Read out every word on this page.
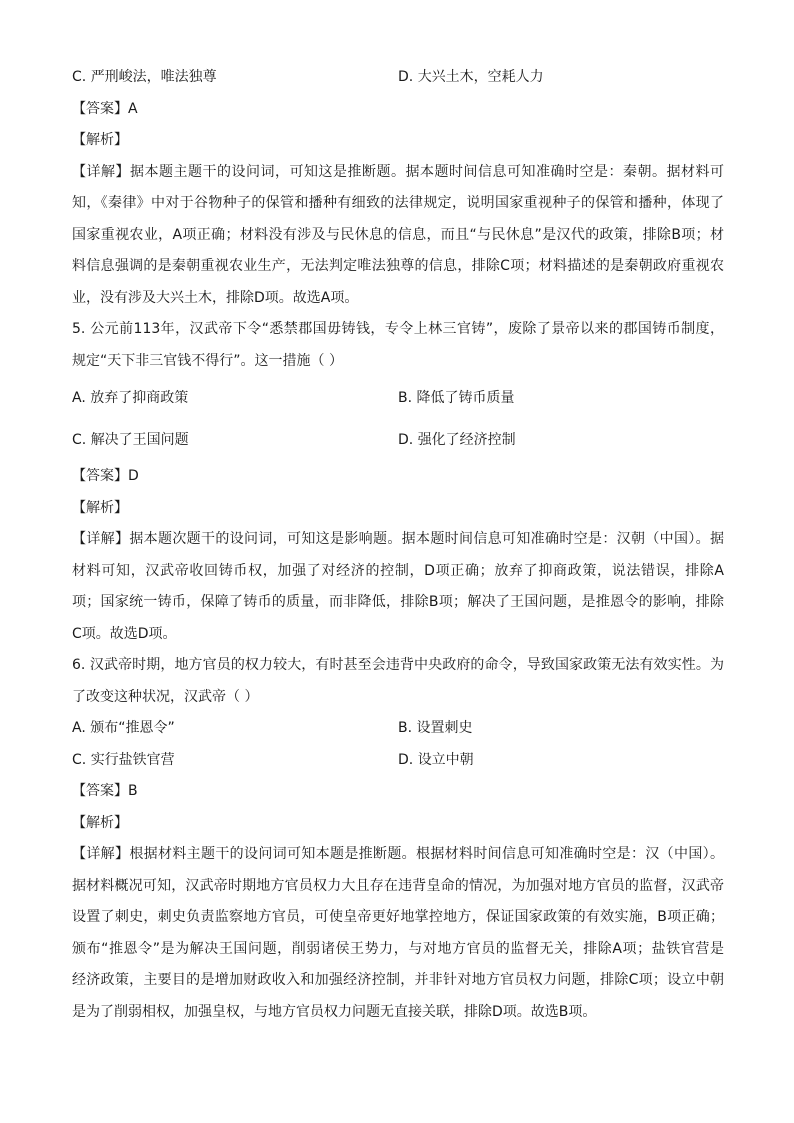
C. 严刑峻法，唯法独尊	D. 大兴土木，空耗人力
【答案】A
【解析】
【详解】据本题主题干的设问词，可知这是推断题。据本题时间信息可知准确时空是：秦朝。据材料可
知，《秦律》中对于谷物种子的保管和播种有细致的法律规定，说明国家重视种子的保管和播种，体现了
国家重视农业，A项正确；材料没有涉及与民休息的信息，而且“与民休息”是汉代的政策，排除B项；材
料信息强调的是秦朝重视农业生产，无法判定唯法独尊的信息，排除C项；材料描述的是秦朝政府重视农
业，没有涉及大兴土木，排除D项。故选A项。
5. 公元前113年，汉武帝下令“悉禁郡国毋铸钱，专令上林三官铸”，废除了景帝以来的郡国铸币制度，
规定“天下非三官钱不得行”。这一措施（ ）
A. 放弃了抑商政策	B. 降低了铸币质量
C. 解决了王国问题	D. 强化了经济控制
【答案】D
【解析】
【详解】据本题次题干的设问词，可知这是影响题。据本题时间信息可知准确时空是：汉朝（中国）。据
材料可知，汉武帝收回铸币权，加强了对经济的控制，D项正确；放弃了抑商政策，说法错误，排除A
项；国家统一铸币，保障了铸币的质量，而非降低，排除B项；解决了王国问题，是推恩令的影响，排除
C项。故选D项。
6. 汉武帝时期，地方官员的权力较大，有时甚至会违背中央政府的命令，导致国家政策无法有效实性。为
了改变这种状况，汉武帝（ ）
A. 颁布“推恩令”	B. 设置刺史
C. 实行盐铁官营	D. 设立中朝
【答案】B
【解析】
【详解】根据材料主题干的设问词可知本题是推断题。根据材料时间信息可知准确时空是：汉（中国）。
据材料概况可知，汉武帝时期地方官员权力大且存在违背皇命的情况，为加强对地方官员的监督，汉武帝
设置了刺史，刺史负责监察地方官员，可使皇帝更好地掌控地方，保证国家政策的有效实施，B项正确；
颁布“推恩令”是为解决王国问题，削弱诸侯王势力，与对地方官员的监督无关，排除A项；盐铁官营是
经济政策，主要目的是增加财政收入和加强经济控制，并非针对地方官员权力问题，排除C项；设立中朝
是为了削弱相权，加强皇权，与地方官员权力问题无直接关联，排除D项。故选B项。
